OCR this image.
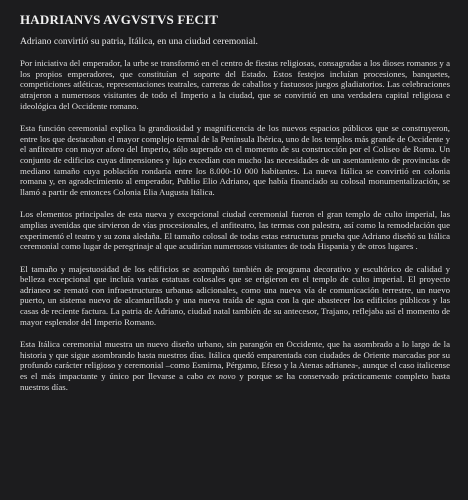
HADRIANVS AVGVSTVS FECIT
Adriano convirtió su patria, Itálica, en una ciudad ceremonial.

Por iniciativa del emperador, la urbe se transformó en el centro de fiestas religiosas, consagradas a los dioses romanos y a los propios emperadores, que constituían el soporte del Estado. Estos festejos incluían procesiones, banquetes, competiciones atléticas, representaciones teatrales, carreras de caballos y fastuosos juegos gladiatorios. Las celebraciones atrajeron a numerosos visitantes de todo el Imperio a la ciudad, que se convirtió en una verdadera capital religiosa e ideológica del Occidente romano.

Esta función ceremonial explica la grandiosidad y magnificencia de los nuevos espacios públicos que se construyeron, entre los que destacaban el mayor complejo termal de la Península Ibérica, uno de los templos más grande de Occidente y el anfiteatro con mayor aforo del Imperio, sólo superado en el momento de su construcción por el Coliseo de Roma. Un conjunto de edificios cuyas dimensiones y lujo excedían con mucho las necesidades de un asentamiento de provincias de mediano tamaño cuya población rondaría entre los 8.000-10 000 habitantes. La nueva Itálica se convirtió en colonia romana y, en agradecimiento al emperador, Publio Elio Adriano, que había financiado su colosal monumentalización, se llamó a partir de entonces Colonia Elia Augusta Itálica.

Los elementos principales de esta nueva y excepcional ciudad ceremonial fueron el gran templo de culto imperial, las amplias avenidas que sirvieron de vías procesionales, el anfiteatro, las termas con palestra, así como la remodelación que experimentó el teatro y su zona aledaña. El tamaño colosal de todas estas estructuras prueba que Adriano diseñó su Itálica ceremonial como lugar de peregrinaje al que acudirían numerosos visitantes de toda Hispania y de otros lugares .

El tamaño y majestuosidad de los edificios se acompañó también de programa decorativo y escultórico de calidad y belleza excepcional que incluía varias estatuas colosales que se erigieron en el templo de culto imperial. El proyecto adrianeo se remató con infraestructuras urbanas adicionales, como una nueva vía de comunicación terrestre, un nuevo puerto, un sistema nuevo de alcantarillado y una nueva traída de agua con la que abastecer los edificios públicos y las casas de reciente factura. La patria de Adriano, ciudad natal también de su antecesor, Trajano, reflejaba así el momento de mayor esplendor del Imperio Romano.

Esta Itálica ceremonial muestra un nuevo diseño urbano, sin parangón en Occidente, que ha asombrado a lo largo de la historia y que sigue asombrando hasta nuestros días. Itálica quedó emparentada con ciudades de Oriente marcadas por su profundo carácter religioso y ceremonial –como Esmirna, Pérgamo, Efeso y la Atenas adrianea-, aunque el caso italicense es el más impactante y único por llevarse a cabo ex novo y porque se ha conservado prácticamente completo hasta nuestros días.
